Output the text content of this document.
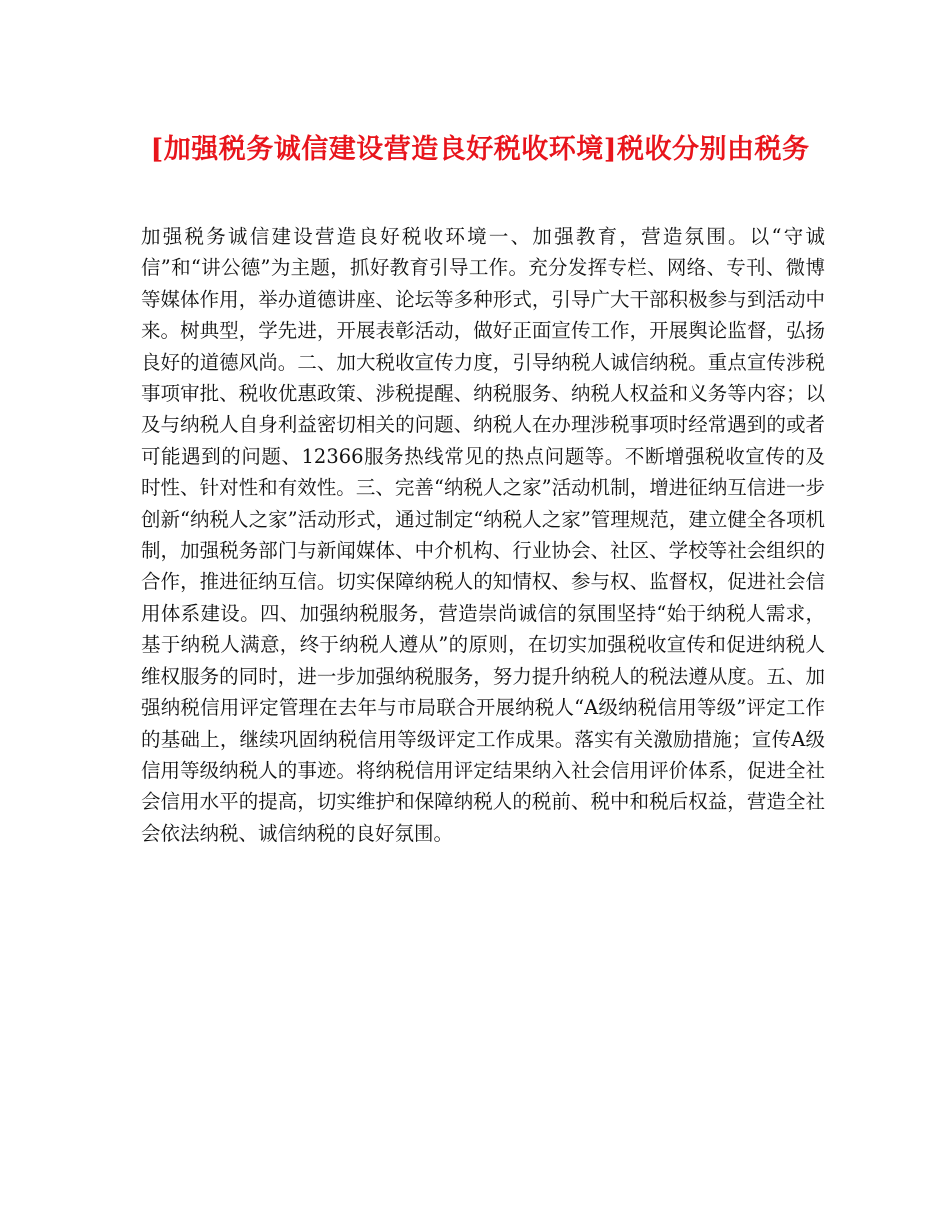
[加强税务诚信建设营造良好税收环境]税收分别由税务

加强税务诚信建设营造良好税收环境一、加强教育，营造氛围。以“守诚信”和“讲公德”为主题，抓好教育引导工作。充分发挥专栏、网络、专刊、微博等媒体作用，举办道德讲座、论坛等多种形式，引导广大干部积极参与到活动中来。树典型，学先进，开展表彰活动，做好正面宣传工作，开展舆论监督，弘扬良好的道德风尚。二、加大税收宣传力度，引导纳税人诚信纳税。重点宣传涉税事项审批、税收优惠政策、涉税提醒、纳税服务、纳税人权益和义务等内容；以及与纳税人自身利益密切相关的问题、纳税人在办理涉税事项时经常遇到的或者可能遇到的问题、12366服务热线常见的热点问题等。不断增强税收宣传的及时性、针对性和有效性。三、完善“纳税人之家”活动机制，增进征纳互信进一步创新“纳税人之家”活动形式，通过制定“纳税人之家”管理规范，建立健全各项机制，加强税务部门与新闻媒体、中介机构、行业协会、社区、学校等社会组织的合作，推进征纳互信。切实保障纳税人的知情权、参与权、监督权，促进社会信用体系建设。四、加强纳税服务，营造崇尚诚信的氛围坚持“始于纳税人需求，基于纳税人满意，终于纳税人遵从”的原则，在切实加强税收宣传和促进纳税人维权服务的同时，进一步加强纳税服务，努力提升纳税人的税法遵从度。五、加强纳税信用评定管理在去年与市局联合开展纳税人“A级纳税信用等级”评定工作的基础上，继续巩固纳税信用等级评定工作成果。落实有关激励措施；宣传A级信用等级纳税人的事迹。将纳税信用评定结果纳入社会信用评价体系，促进全社会信用水平的提高，切实维护和保障纳税人的税前、税中和税后权益，营造全社会依法纳税、诚信纳税的良好氛围。
